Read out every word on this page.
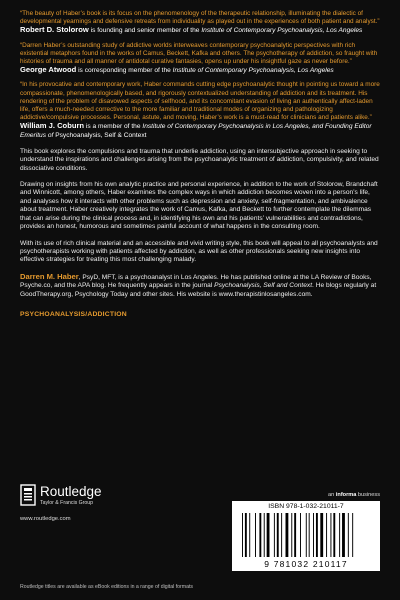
“The beauty of Haber’s book is its focus on the phenomenology of the therapeutic relationship, illuminating the dialectic of developmental yearnings and defensive retreats from individuality as played out in the experiences of both patient and analyst.”

Robert D. Stolorow is founding and senior member of the Institute of Contemporary Psychoanalysis, Los Angeles

“Darren Haber’s outstanding study of addictive worlds interweaves contemporary psychoanalytic perspectives with rich existential metaphors found in the works of Camus, Beckett, Kafka and others. The psychotherapy of addiction, so fraught with histories of trauma and all manner of antidotal curative fantasies, opens up under his insightful gaze as never before.”

George Atwood is corresponding member of the Institute of Contemporary Psychoanalysis, Los Angeles

“In his provocative and contemporary work, Haber commands cutting edge psychoanalytic thought in pointing us toward a more compassionate, phenomenologically based, and rigorously contextualized understanding of addiction and its treatment. His rendering of the problem of disavowed aspects of selfhood, and its concomitant evasion of living an authentically affect-laden life, offers a much-needed corrective to the more familiar and traditional modes of organizing and pathologizing addictive/compulsive processes. Personal, astute, and moving, Haber’s work is a must-read for clinicians and patients alike.”

William J. Coburn is a member of the Institute of Contemporary Psychoanalysis in Los Angeles, and Founding Editor Emeritus of Psychoanalysis, Self & Context

This book explores the compulsions and trauma that underlie addiction, using an intersubjective approach in seeking to understand the inspirations and challenges arising from the psychoanalytic treatment of addiction, compulsivity, and related dissociative conditions.

Drawing on insights from his own analytic practice and personal experience, in addition to the work of Stolorow, Brandchaft and Winnicott, among others, Haber examines the complex ways in which addiction becomes woven into a person’s life, and analyses how it interacts with other problems such as depression and anxiety, self-fragmentation, and ambivalence about treatment. Haber creatively integrates the work of Camus, Kafka, and Beckett to further contemplate the dilemmas that can arise during the clinical process and, in identifying his own and his patients’ vulnerabilities and contradictions, provides an honest, humorous and sometimes painful account of what happens in the consulting room.

With its use of rich clinical material and an accessible and vivid writing style, this book will appeal to all psychoanalysts and psychotherapists working with patients affected by addiction, as well as other professionals seeking new insights into effective strategies for treating this most challenging malady.

Darren M. Haber, PsyD, MFT, is a psychoanalyst in Los Angeles. He has published online at the LA Review of Books, Psyche.co, and the APA blog. He frequently appears in the journal Psychoanalysis, Self and Context. He blogs regularly at GoodTherapy.org, Psychology Today and other sites. His website is www.therapistinlosangeles.com.

PSYCHOANALYSIS/ADDICTION
Routledge
Taylor & Francis Group
www.routledge.com
an informa business
ISBN 978-1-032-21011-7
9 781032 210117
Routledge titles are available as eBook editions in a range of digital formats
